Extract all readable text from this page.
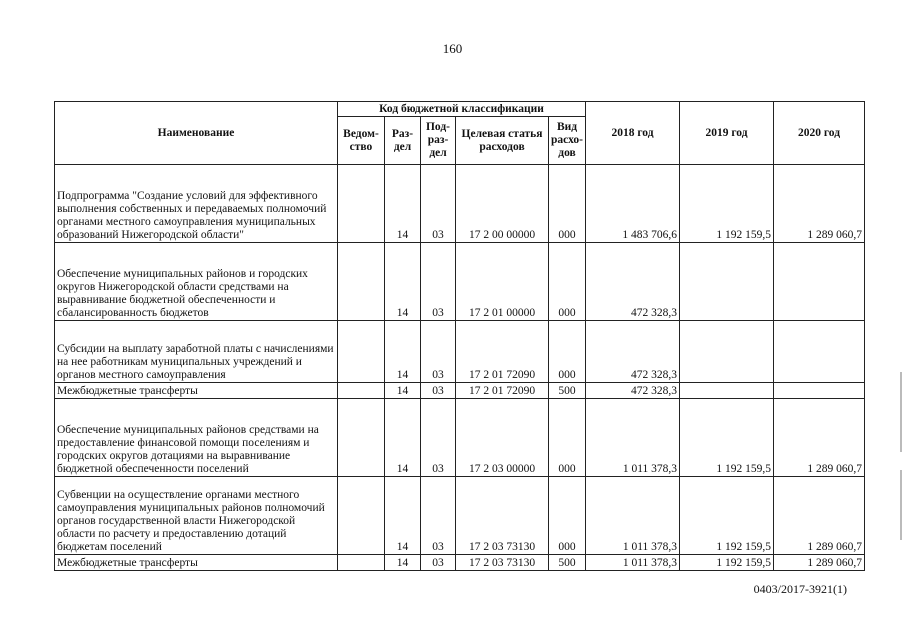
160
Наименование	Код бюджетной классификации					2018 год	2019 год	2020 год
	Ведом-ство	Раз-дел	Под-раз-дел	Целевая статья расходов	Вид расхо-дов			
Подпрограмма "Создание условий для эффективного выполнения собственных и передаваемых полномочий органами местного самоуправления муниципальных образований Нижегородской области"		14	03	17 2 00 00000	000	1 483 706,6	1 192 159,5	1 289 060,7
Обеспечение муниципальных районов и городских округов Нижегородской области средствами на выравнивание бюджетной обеспеченности и сбалансированность бюджетов		14	03	17 2 01 00000	000	472 328,3		
Субсидии на выплату заработной платы с начислениями на нее работникам муниципальных учреждений и органов местного самоуправления		14	03	17 2 01 72090	000	472 328,3		
Межбюджетные трансферты		14	03	17 2 01 72090	500	472 328,3		
Обеспечение муниципальных районов средствами на предоставление финансовой помощи поселениям и городских округов дотациями на выравнивание бюджетной обеспеченности поселений		14	03	17 2 03 00000	000	1 011 378,3	1 192 159,5	1 289 060,7
Субвенции на осуществление органами местного самоуправления муниципальных районов полномочий органов государственной власти Нижегородской области по расчету и предоставлению дотаций бюджетам поселений		14	03	17 2 03 73130	000	1 011 378,3	1 192 159,5	1 289 060,7
Межбюджетные трансферты		14	03	17 2 03 73130	500	1 011 378,3	1 192 159,5	1 289 060,7
0403/2017-3921(1)
